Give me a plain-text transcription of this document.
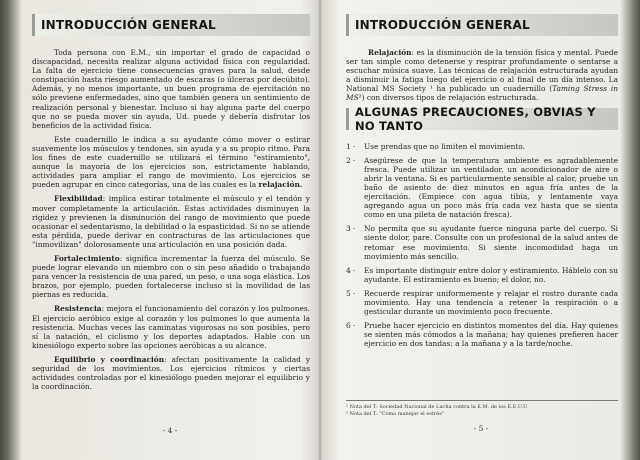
INTRODUCCIÓN GENERAL

Toda persona con E.M., sin importar el grado de capacidad o discapacidad, necesita realizar alguna actividad física con regularidad. La falta de ejercicio tiene consecuencias graves para la salud, desde constipación hasta riesgo aumentado de escaras (o úlceras por decúbito). Además, y no menos importante, un buen programa de ejercitación no sólo previene enfermedades, sino que también genera un sentimiento de realización personal y bienestar. Incluso si hay alguna parte del cuerpo que no se pueda mover sin ayuda, Ud. puede y debería disfrutar los beneficios de la actividad física.

Este cuadernillo le indica a su ayudante cómo mover o estirar suavemente los músculos y tendones, sin ayuda y a su propio ritmo. Para los fines de este cuadernillo se utilizará el término "estiramiento", aunque la mayoría de los ejercicios son, estrictamente hablando, actividades para ampliar el rango de movimiento. Los ejercicios se pueden agrupar en cinco categorías, una de las cuales es la relajación.

Flexibilidad: implica estirar totalmente el músculo y el tendón y mover completamente la articulación. Estas actividades disminuyen la rigidez y previenen la disminución del rango de movimiento que puede ocasionar el sedentarismo, la debilidad o la espasticidad. Si no se atiende esta pérdida, puede derivar en contracturas de las articulaciones que "inmovilizan" dolorosamente una articulación en una posición dada.

Fortalecimiento: significa incrementar la fuerza del músculo. Se puede lograr elevando un miembro con o sin peso añadido o trabajando para vencer la resistencia de una pared, un peso, o una soga elástica. Los brazos, por ejemplo, pueden fortalecerse incluso si la movilidad de las piernas es reducida.

Resistencia: mejora el funcionamiento del corazón y los pulmones. El ejercicio aeróbico exige al corazón y los pulmones lo que aumenta la resistencia. Muchas veces las caminatas vigorosas no son posibles, pero sí la natación, el ciclismo y los deportes adaptados. Hable con un kinesiólogo experto sobre las opciones aeróbicas a su alcance.

Equilibrio y coordinación: afectan positivamente la calidad y seguridad de los movimientos. Los ejercicios rítmicos y ciertas actividades controladas por el kinesiólogo pueden mejorar el equilibrio y la coordinación.

- 4 -
INTRODUCCIÓN GENERAL

Relajación: es la disminución de la tensión física y mental. Puede ser tan simple como detenerse y respirar profundamente o sentarse a escuchar música suave. Las técnicas de relajación estructurada ayudan a disminuir la fatiga luego del ejercicio o al final de un día intenso. La National MS Society ¹ ha publicado un cuadernillo (Taming Stress in MS²) con diversos tipos de relajación estructurada.

ALGUNAS PRECAUCIONES, OBVIAS Y NO TANTO
1 ·	Use prendas que no limiten el movimiento.
2 ·	Asegúrese de que la temperatura ambiente es agradablemente fresca. Puede utilizar un ventilador, un acondicionador de aire o abrir la ventana. Si es particularmente sensible al calor, pruebe un baño de asiento de diez minutos en agua fría antes de la ejercitación. (Empiece con agua tibia, y lentamente vaya agregando agua un poco más fría cada vez hasta que se sienta como en una pileta de natación fresca).
3 ·	No permita que su ayudante fuerce ninguna parte del cuerpo. Si siente dolor, pare. Consulte con un profesional de la salud antes de retomar ese movimiento. Si siente incomodidad haga un movimiento más sencillo.
4 ·	Es importante distinguir entre dolor y estiramiento. Háblelo con su ayudante. El estiramiento es bueno; el dolor, no.
5 ·	Recuerde respirar uniformemente y relajar el rostro durante cada movimiento. Hay una tendencia a retener la respiración o a gesticular durante un movimiento poco frecuente.
6 ·	Pruebe hacer ejercicio en distintos momentos del día. Hay quienes se sienten más cómodos a la mañana; hay quienes prefieren hacer ejercicio en dos tandas: a la mañana y a la tarde/noche.
¹ Nota del T: Sociedad Nacional de Lucha contra la E.M. de los E.E.U.U
² Nota del T: "Cómo manejar el estrés"
- 5 -
